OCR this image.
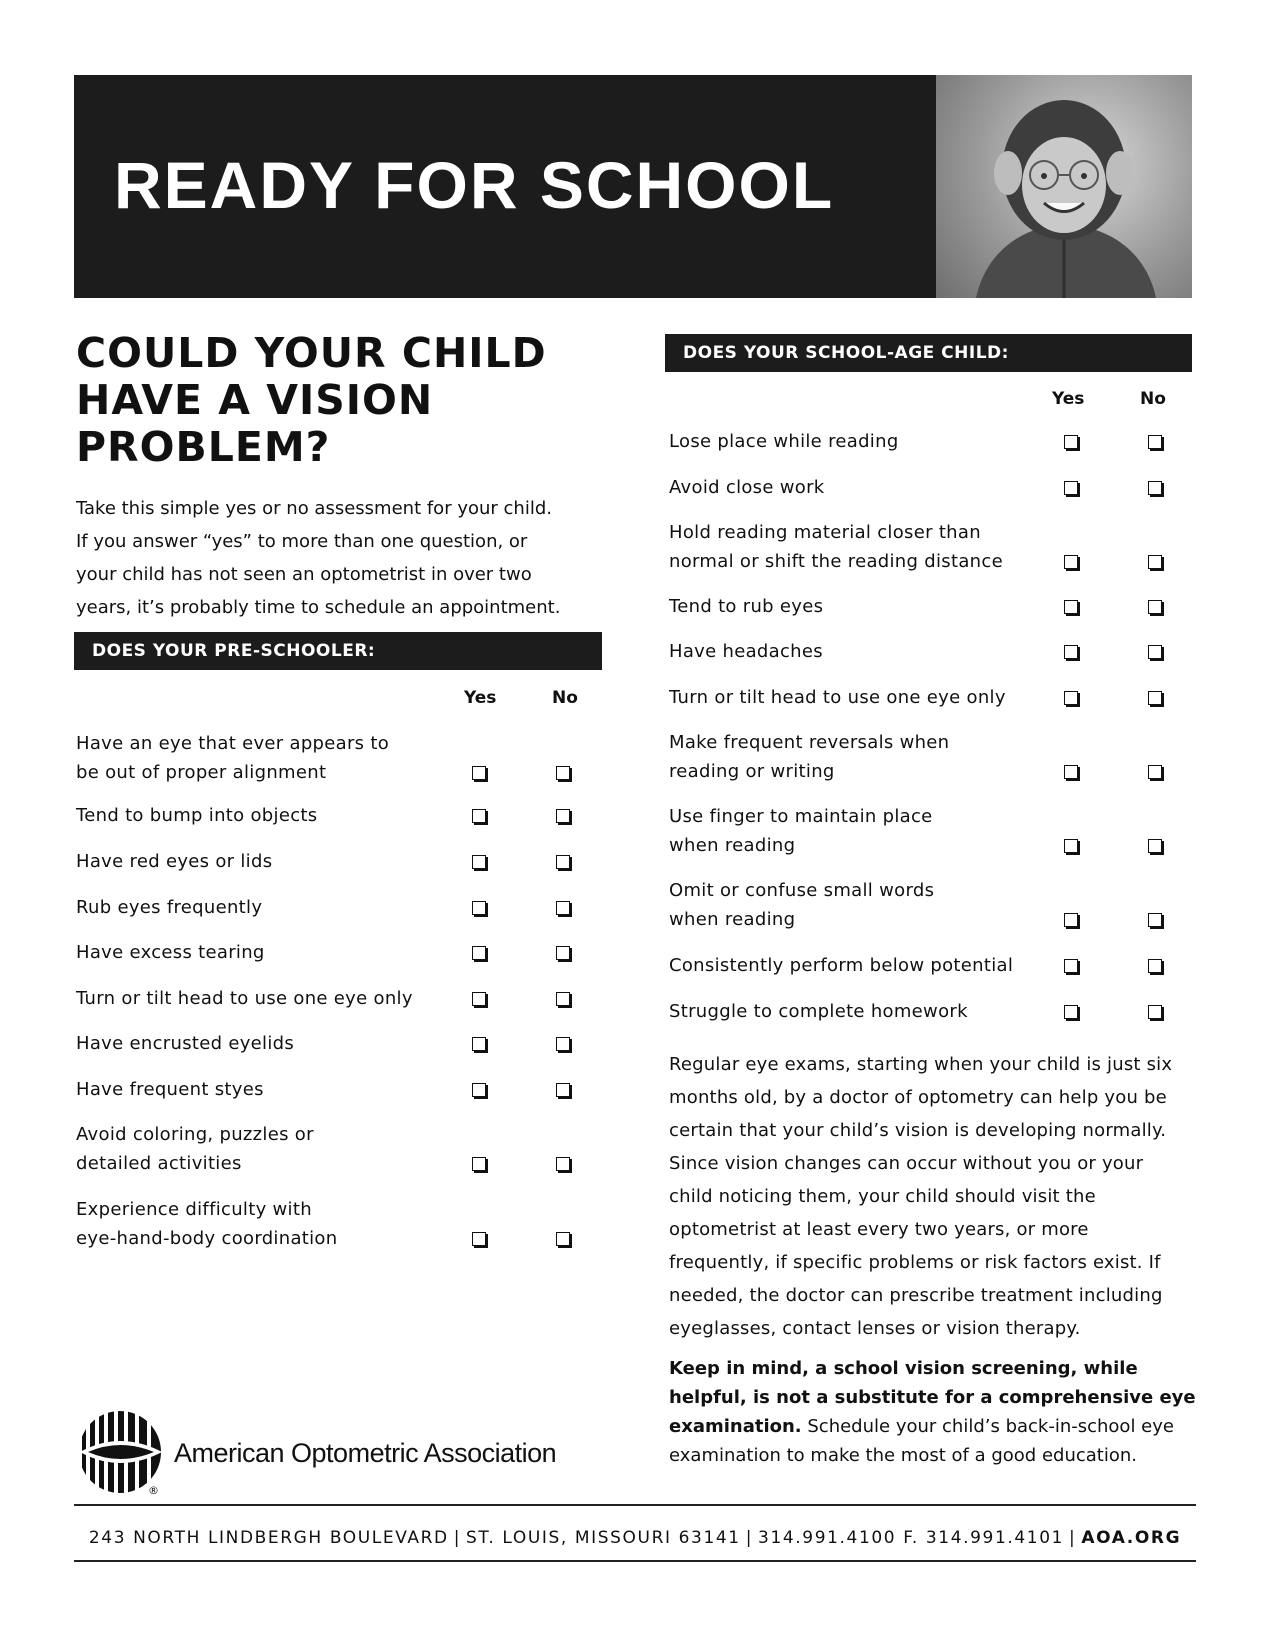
READY FOR SCHOOL
COULD YOUR CHILD
HAVE A VISION
PROBLEM?
Take this simple yes or no assessment for your child.
If you answer “yes” to more than one question, or
your child has not seen an optometrist in over two
years, it’s probably time to schedule an appointment.
DOES YOUR PRE-SCHOOLER:
Yes	No
Have an eye that ever appears to
be out of proper alignment
Tend to bump into objects
Have red eyes or lids
Rub eyes frequently
Have excess tearing
Turn or tilt head to use one eye only
Have encrusted eyelids
Have frequent styes
Avoid coloring, puzzles or
detailed activities
Experience difficulty with
eye-hand-body coordination
DOES YOUR SCHOOL-AGE CHILD:
Yes	No
Lose place while reading
Avoid close work
Hold reading material closer than
normal or shift the reading distance
Tend to rub eyes
Have headaches
Turn or tilt head to use one eye only
Make frequent reversals when
reading or writing
Use finger to maintain place
when reading
Omit or confuse small words
when reading
Consistently perform below potential
Struggle to complete homework
Regular eye exams, starting when your child is just six
months old, by a doctor of optometry can help you be
certain that your child’s vision is developing normally.
Since vision changes can occur without you or your
child noticing them, your child should visit the
optometrist at least every two years, or more
frequently, if specific problems or risk factors exist. If
needed, the doctor can prescribe treatment including
eyeglasses, contact lenses or vision therapy.
Keep in mind, a school vision screening, while
helpful, is not a substitute for a comprehensive eye
examination. Schedule your child’s back-in-school eye
examination to make the most of a good education.
®
American Optometric Association
243 NORTH LINDBERGH BOULEVARD | ST. LOUIS, MISSOURI 63141 | 314.991.4100 F. 314.991.4101 | AOA.ORG
